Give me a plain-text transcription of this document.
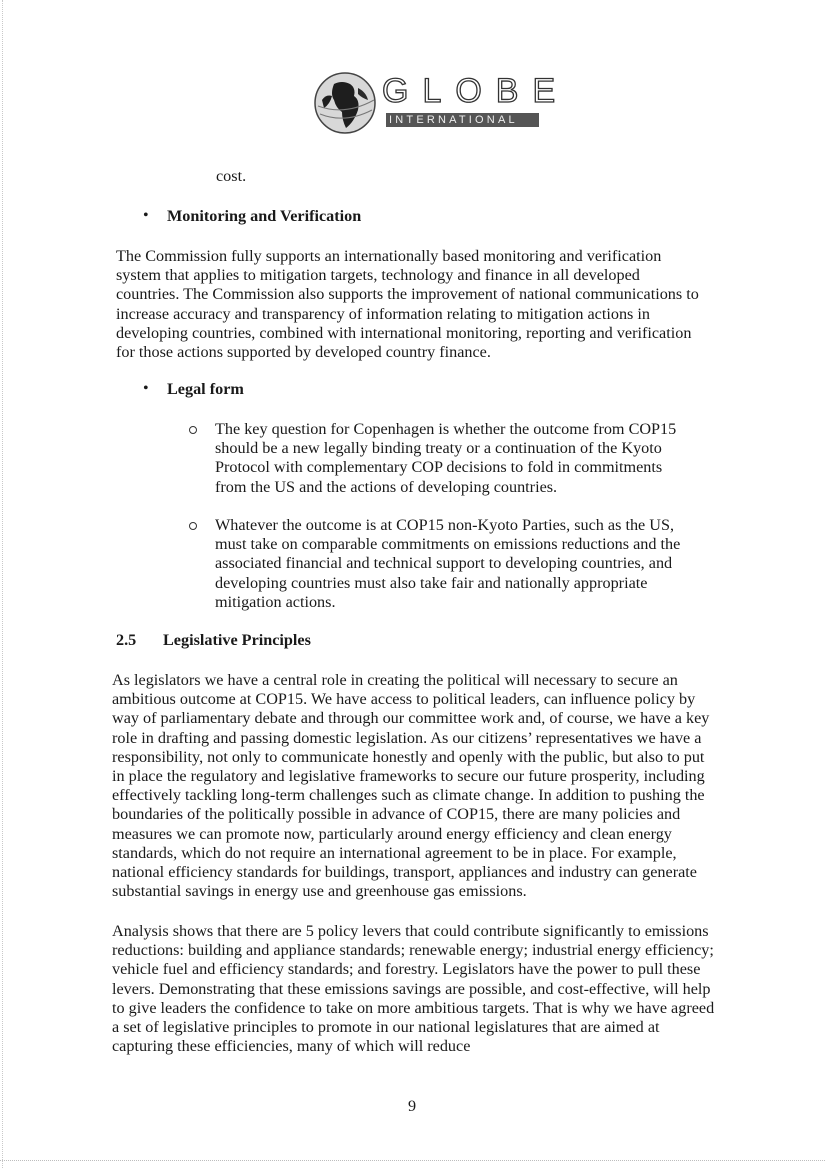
GLOBE
INTERNATIONAL

cost.

• Monitoring and Verification

The Commission fully supports an internationally based monitoring and verification system that applies to mitigation targets, technology and finance in all developed countries. The Commission also supports the improvement of national communications to increase accuracy and transparency of information relating to mitigation actions in developing countries, combined with international monitoring, reporting and verification for those actions supported by developed country finance.

• Legal form

The key question for Copenhagen is whether the outcome from COP15 should be a new legally binding treaty or a continuation of the Kyoto Protocol with complementary COP decisions to fold in commitments from the US and the actions of developing countries.

Whatever the outcome is at COP15 non-Kyoto Parties, such as the US, must take on comparable commitments on emissions reductions and the associated financial and technical support to developing countries, and developing countries must also take fair and nationally appropriate mitigation actions.

2.5 Legislative Principles

As legislators we have a central role in creating the political will necessary to secure an ambitious outcome at COP15. We have access to political leaders, can influence policy by way of parliamentary debate and through our committee work and, of course, we have a key role in drafting and passing domestic legislation. As our citizens’ representatives we have a responsibility, not only to communicate honestly and openly with the public, but also to put in place the regulatory and legislative frameworks to secure our future prosperity, including effectively tackling long-term challenges such as climate change. In addition to pushing the boundaries of the politically possible in advance of COP15, there are many policies and measures we can promote now, particularly around energy efficiency and clean energy standards, which do not require an international agreement to be in place. For example, national efficiency standards for buildings, transport, appliances and industry can generate substantial savings in energy use and greenhouse gas emissions.

Analysis shows that there are 5 policy levers that could contribute significantly to emissions reductions: building and appliance standards; renewable energy; industrial energy efficiency; vehicle fuel and efficiency standards; and forestry. Legislators have the power to pull these levers. Demonstrating that these emissions savings are possible, and cost-effective, will help to give leaders the confidence to take on more ambitious targets. That is why we have agreed a set of legislative principles to promote in our national legislatures that are aimed at capturing these efficiencies, many of which will reduce

9
